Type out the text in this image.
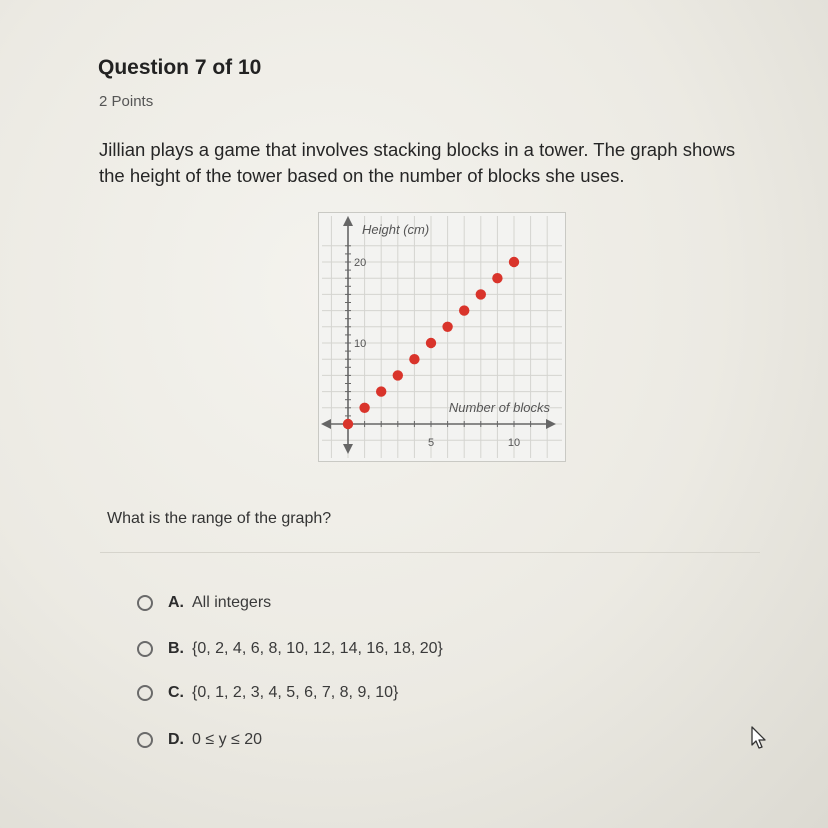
Question 7 of 10
2 Points
Jillian plays a game that involves stacking blocks in a tower. The graph shows the height of the tower based on the number of blocks she uses.
5	10
10
20
Height (cm)
Number of blocks
What is the range of the graph?
A. All integers
B. {0, 2, 4, 6, 8, 10, 12, 14, 16, 18, 20}
C. {0, 1, 2, 3, 4, 5, 6, 7, 8, 9, 10}
D. 0 ≤ y ≤ 20
